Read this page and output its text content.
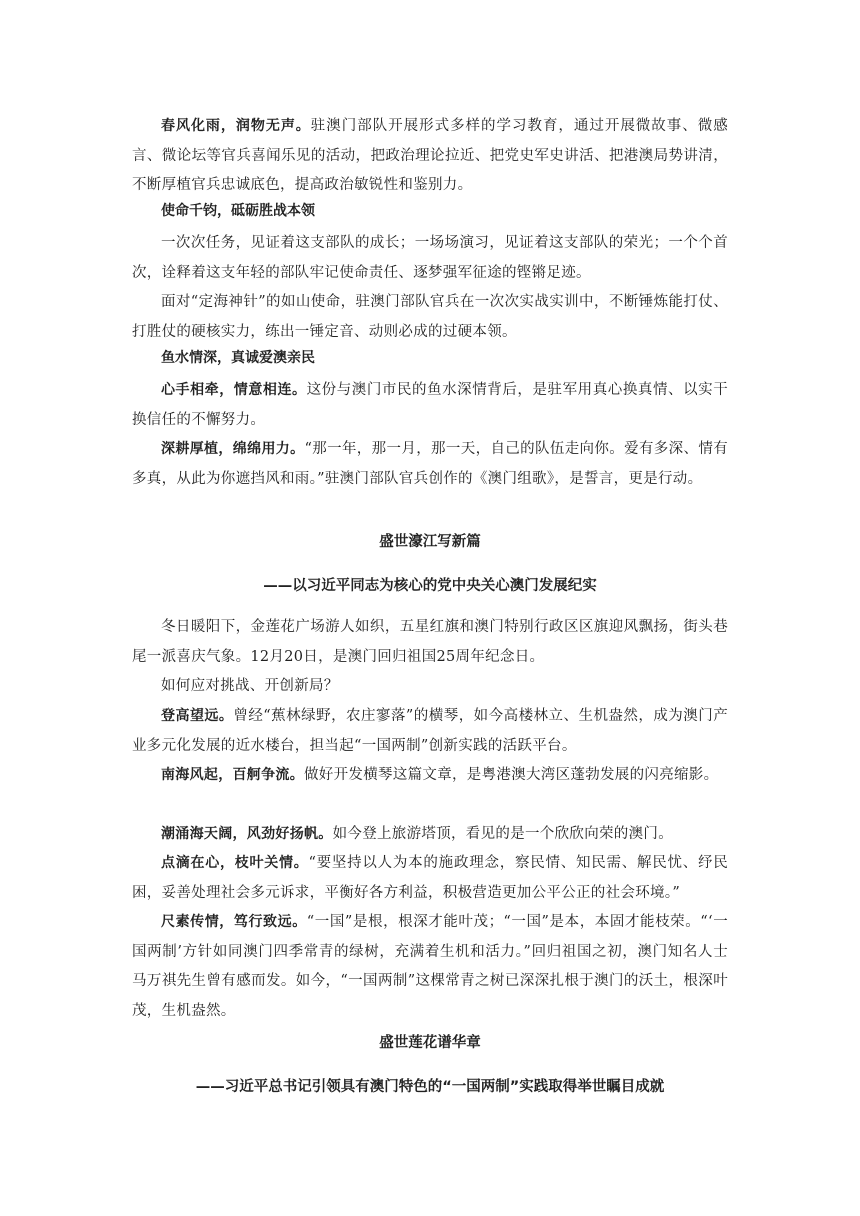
春风化雨，润物无声。驻澳门部队开展形式多样的学习教育，通过开展微故事、微感言、微论坛等官兵喜闻乐见的活动，把政治理论拉近、把党史军史讲活、把港澳局势讲清，不断厚植官兵忠诚底色，提高政治敏锐性和鉴别力。

使命千钧，砥砺胜战本领

一次次任务，见证着这支部队的成长；一场场演习，见证着这支部队的荣光；一个个首次，诠释着这支年轻的部队牢记使命责任、逐梦强军征途的铿锵足迹。

面对“定海神针”的如山使命，驻澳门部队官兵在一次次实战实训中，不断锤炼能打仗、打胜仗的硬核实力，练出一锤定音、动则必成的过硬本领。

鱼水情深，真诚爱澳亲民

心手相牵，情意相连。这份与澳门市民的鱼水深情背后，是驻军用真心换真情、以实干换信任的不懈努力。

深耕厚植，绵绵用力。“那一年，那一月，那一天，自己的队伍走向你。爱有多深、情有多真，从此为你遮挡风和雨。”驻澳门部队官兵创作的《澳门组歌》，是誓言，更是行动。

盛世濠江写新篇

——以习近平同志为核心的党中央关心澳门发展纪实

冬日暖阳下，金莲花广场游人如织，五星红旗和澳门特别行政区区旗迎风飘扬，街头巷尾一派喜庆气象。12月20日，是澳门回归祖国25周年纪念日。

如何应对挑战、开创新局？

登高望远。曾经“蕉林绿野，农庄寥落”的横琴，如今高楼林立、生机盎然，成为澳门产业多元化发展的近水楼台，担当起“一国两制”创新实践的活跃平台。

南海风起，百舸争流。做好开发横琴这篇文章，是粤港澳大湾区蓬勃发展的闪亮缩影。

潮涌海天阔，风劲好扬帆。如今登上旅游塔顶，看见的是一个欣欣向荣的澳门。

点滴在心，枝叶关情。“要坚持以人为本的施政理念，察民情、知民需、解民忧、纾民困，妥善处理社会多元诉求，平衡好各方利益，积极营造更加公平公正的社会环境。”

尺素传情，笃行致远。“一国”是根，根深才能叶茂；“一国”是本，本固才能枝荣。“‘一国两制’方针如同澳门四季常青的绿树，充满着生机和活力。”回归祖国之初，澳门知名人士马万祺先生曾有感而发。如今，“一国两制”这棵常青之树已深深扎根于澳门的沃土，根深叶茂，生机盎然。

盛世莲花谱华章

——习近平总书记引领具有澳门特色的“一国两制”实践取得举世瞩目成就
